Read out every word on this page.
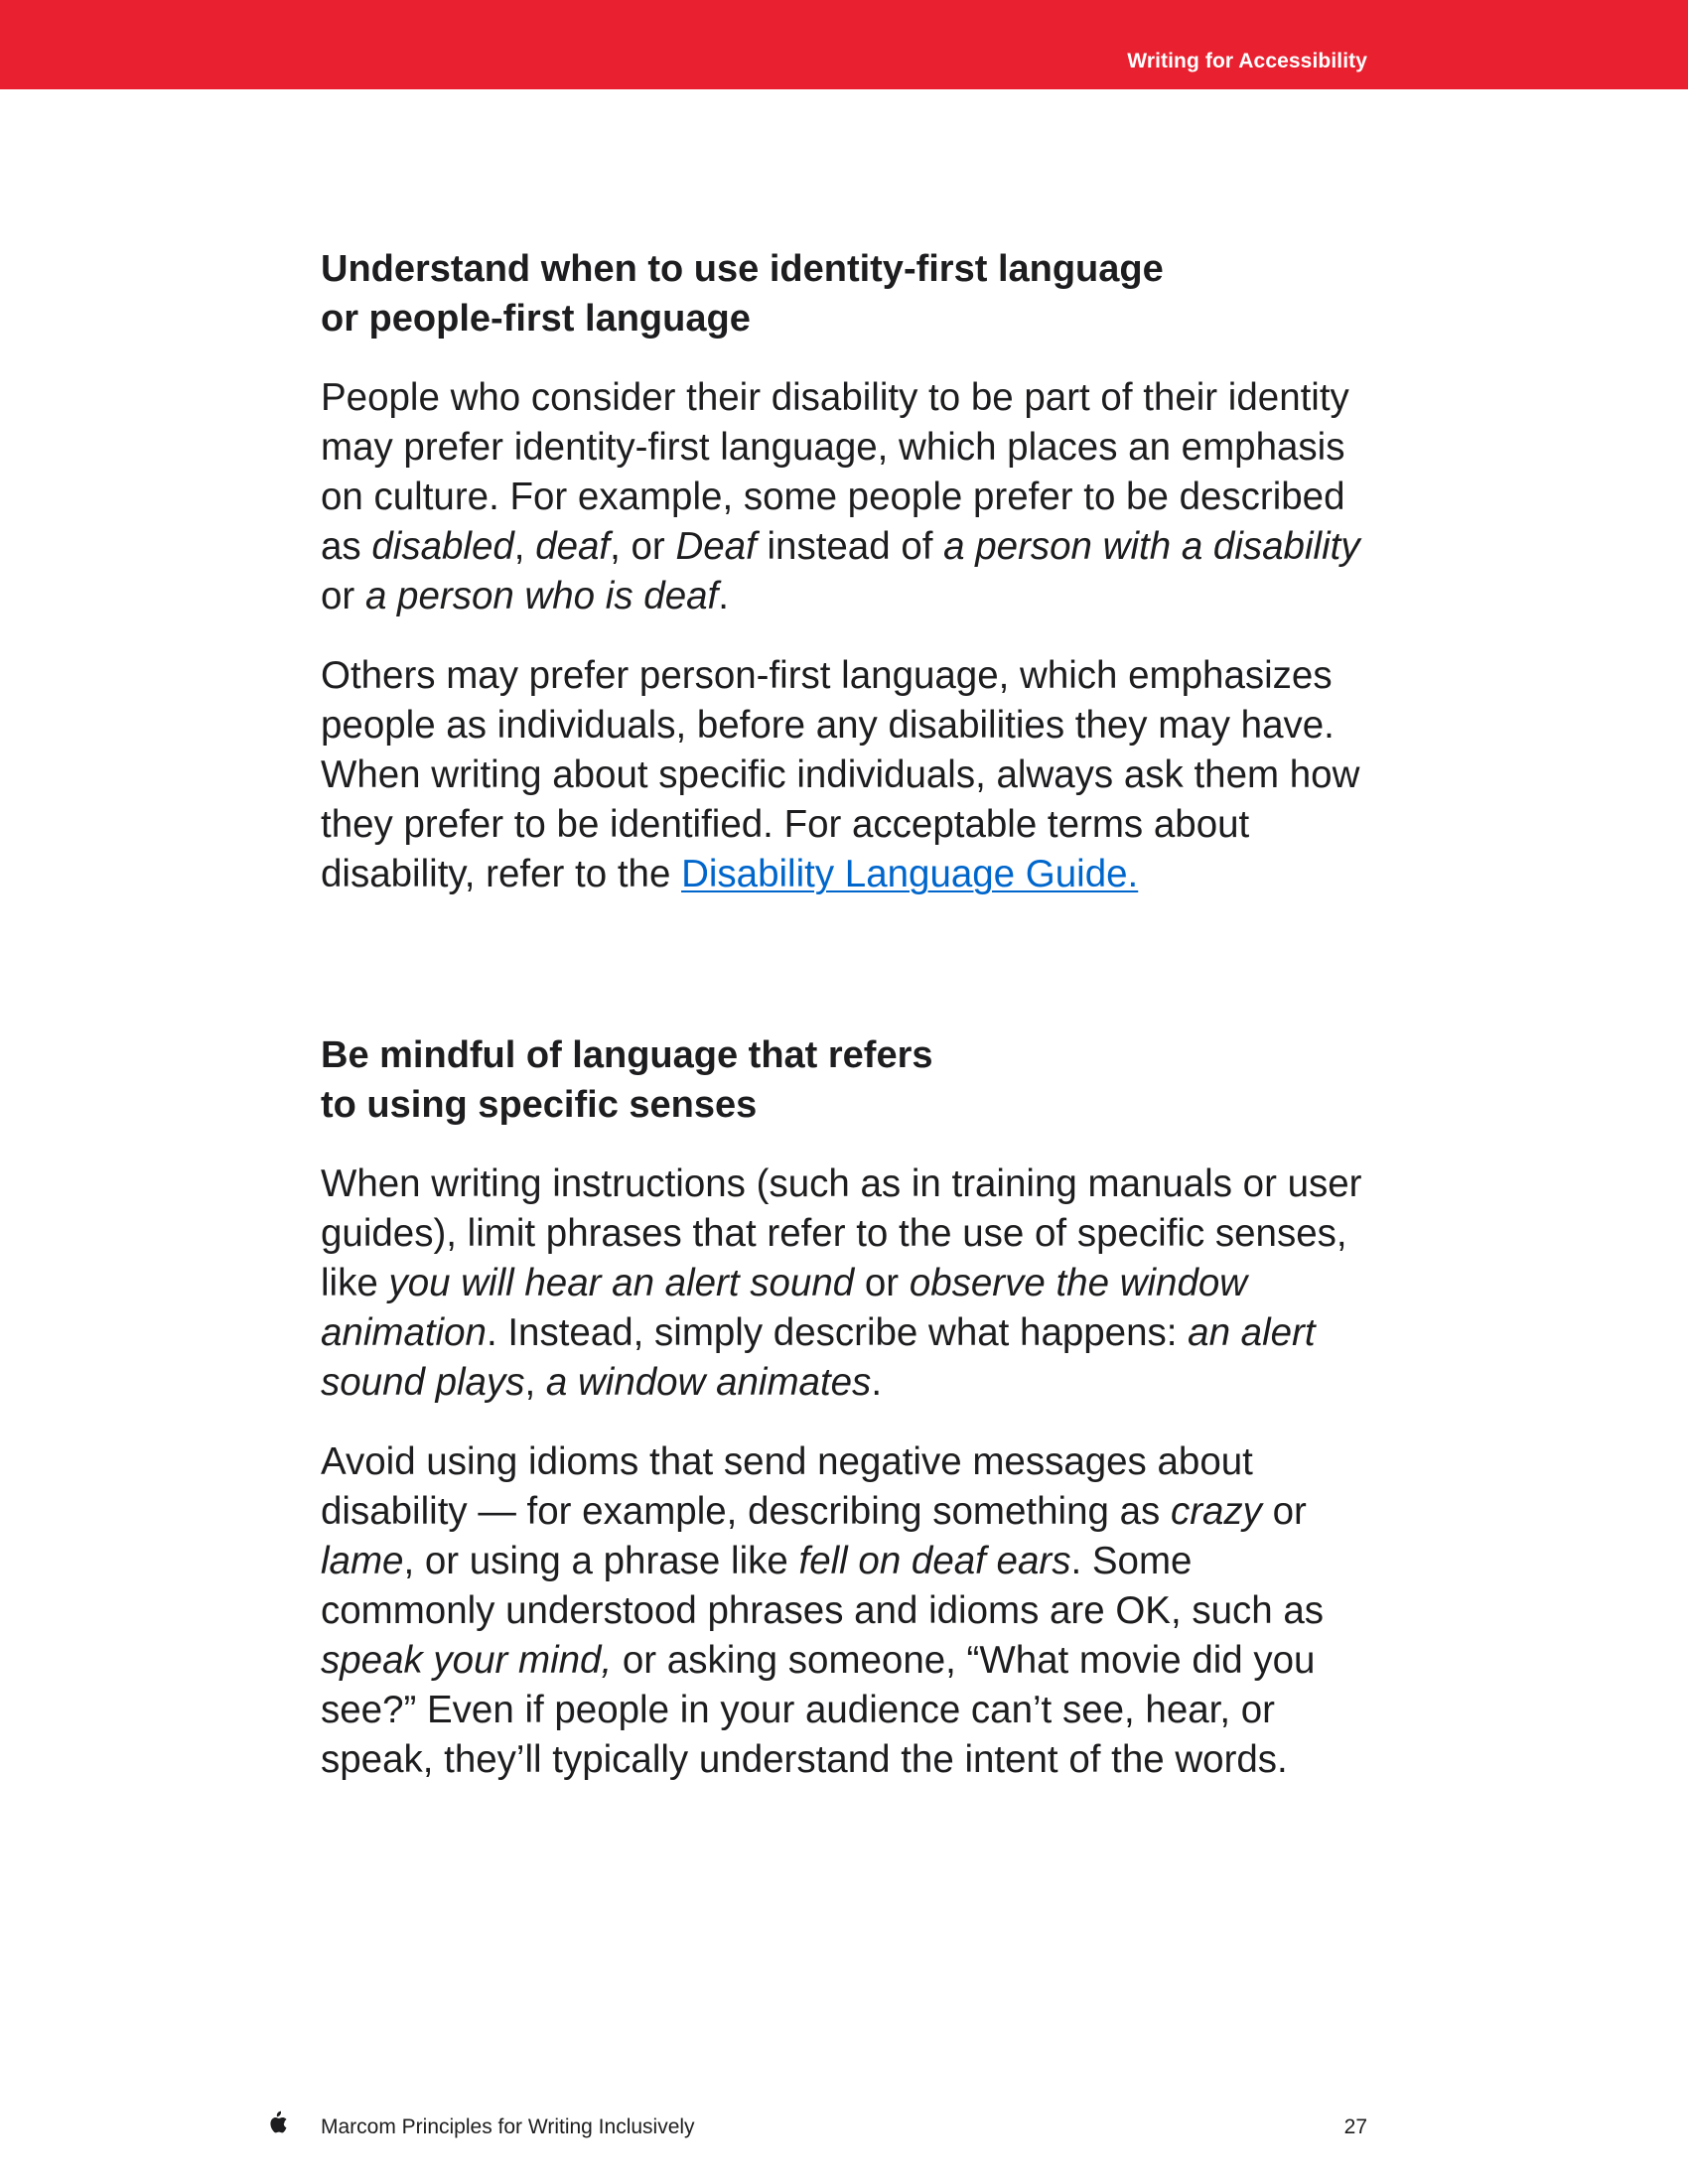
Writing for Accessibility
Understand when to use identity-first language
or people-first language

People who consider their disability to be part of their identity may prefer identity-first language, which places an emphasis on culture. For example, some people prefer to be described as disabled, deaf, or Deaf instead of a person with a disability or a person who is deaf.

Others may prefer person-first language, which emphasizes people as individuals, before any disabilities they may have. When writing about specific individuals, always ask them how they prefer to be identified. For acceptable terms about disability, refer to the Disability Language Guide.

Be mindful of language that refers
to using specific senses

When writing instructions (such as in training manuals or user guides), limit phrases that refer to the use of specific senses, like you will hear an alert sound or observe the window animation. Instead, simply describe what happens: an alert sound plays, a window animates.

Avoid using idioms that send negative messages about disability — for example, describing something as crazy or lame, or using a phrase like fell on deaf ears. Some commonly understood phrases and idioms are OK, such as speak your mind, or asking someone, “What movie did you see?” Even if people in your audience can’t see, hear, or speak, they’ll typically understand the intent of the words.

Marcom Principles for Writing Inclusively	27
